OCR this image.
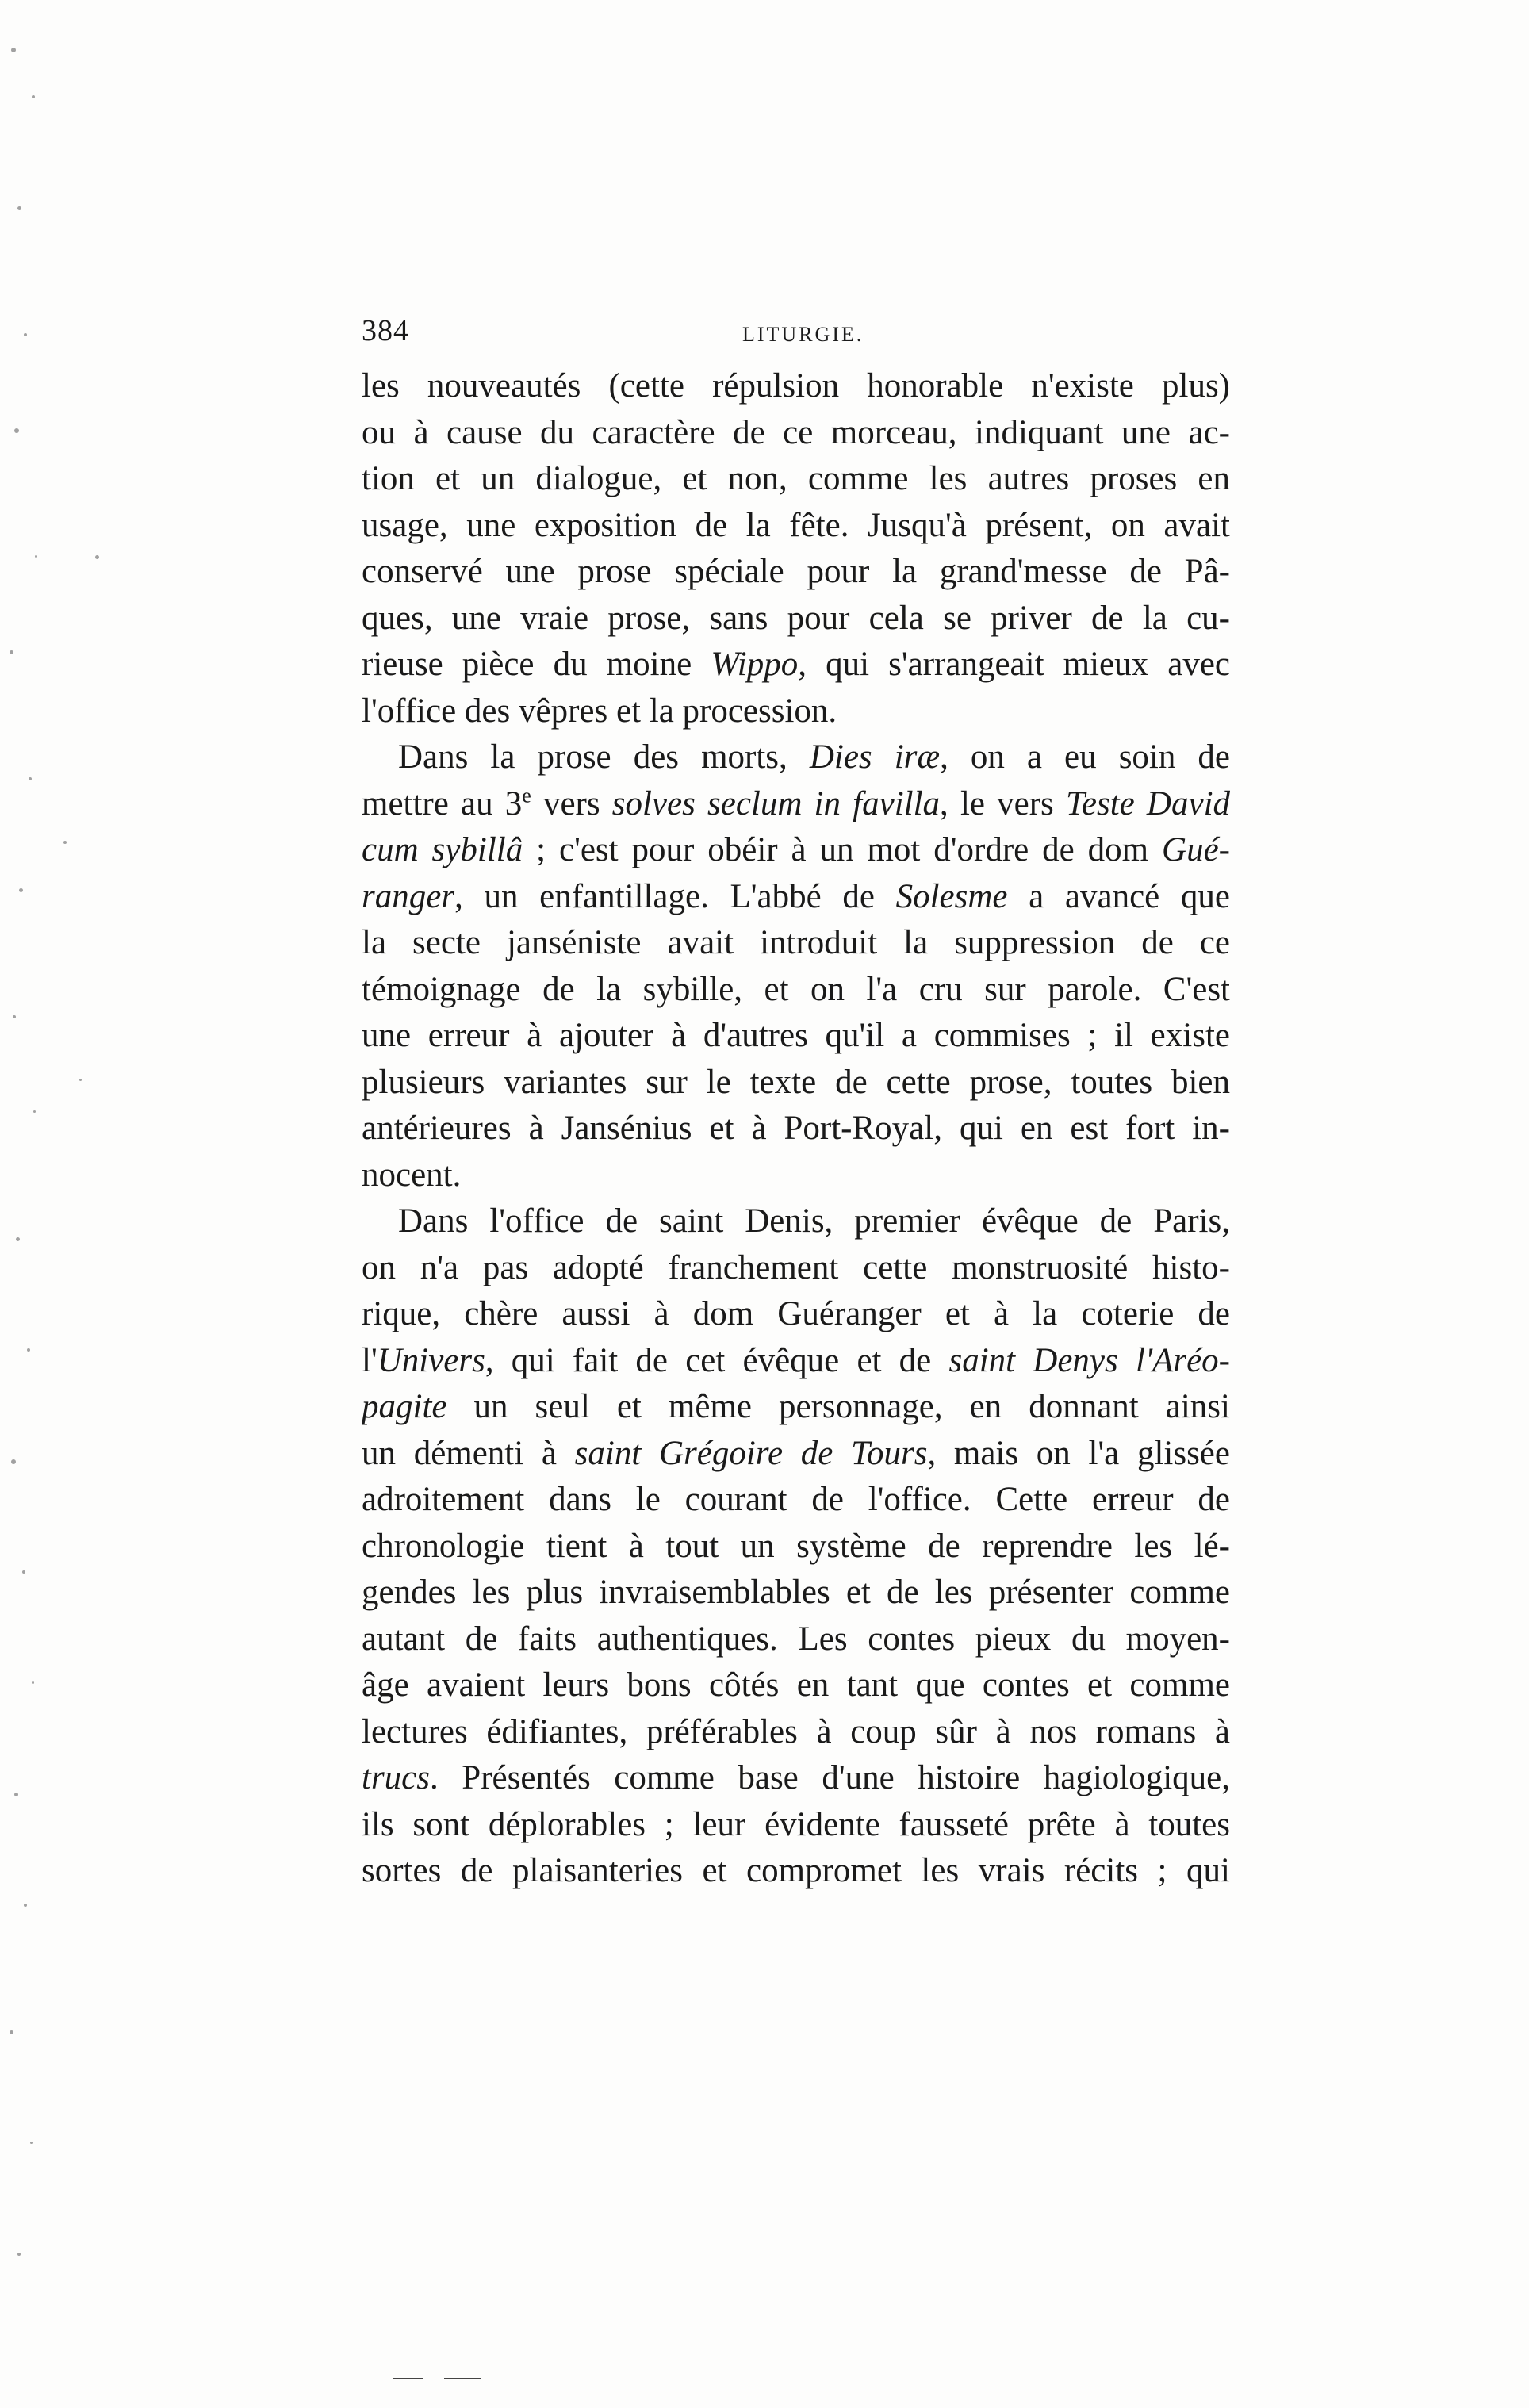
384	LITURGIE.
les nouveautés (cette répulsion honorable n'existe plus)
ou à cause du caractère de ce morceau, indiquant une ac-
tion et un dialogue, et non, comme les autres proses en
usage, une exposition de la fête. Jusqu'à présent, on avait
conservé une prose spéciale pour la grand'messe de Pâ-
ques, une vraie prose, sans pour cela se priver de la cu-
rieuse pièce du moine Wippo, qui s'arrangeait mieux avec
l'office des vêpres et la procession.
Dans la prose des morts, Dies iræ, on a eu soin de
mettre au 3e vers solves seclum in favilla, le vers Teste David
cum sybillâ ; c'est pour obéir à un mot d'ordre de dom Gué-
ranger, un enfantillage. L'abbé de Solesme a avancé que
la secte janséniste avait introduit la suppression de ce
témoignage de la sybille, et on l'a cru sur parole. C'est
une erreur à ajouter à d'autres qu'il a commises ; il existe
plusieurs variantes sur le texte de cette prose, toutes bien
antérieures à Jansénius et à Port-Royal, qui en est fort in-
nocent.
Dans l'office de saint Denis, premier évêque de Paris,
on n'a pas adopté franchement cette monstruosité histo-
rique, chère aussi à dom Guéranger et à la coterie de
l'Univers, qui fait de cet évêque et de saint Denys l'Aréo-
pagite un seul et même personnage, en donnant ainsi
un démenti à saint Grégoire de Tours, mais on l'a glissée
adroitement dans le courant de l'office. Cette erreur de
chronologie tient à tout un système de reprendre les lé-
gendes les plus invraisemblables et de les présenter comme
autant de faits authentiques. Les contes pieux du moyen-
âge avaient leurs bons côtés en tant que contes et comme
lectures édifiantes, préférables à coup sûr à nos romans à
trucs. Présentés comme base d'une histoire hagiologique,
ils sont déplorables ; leur évidente fausseté prête à toutes
sortes de plaisanteries et compromet les vrais récits ; qui
